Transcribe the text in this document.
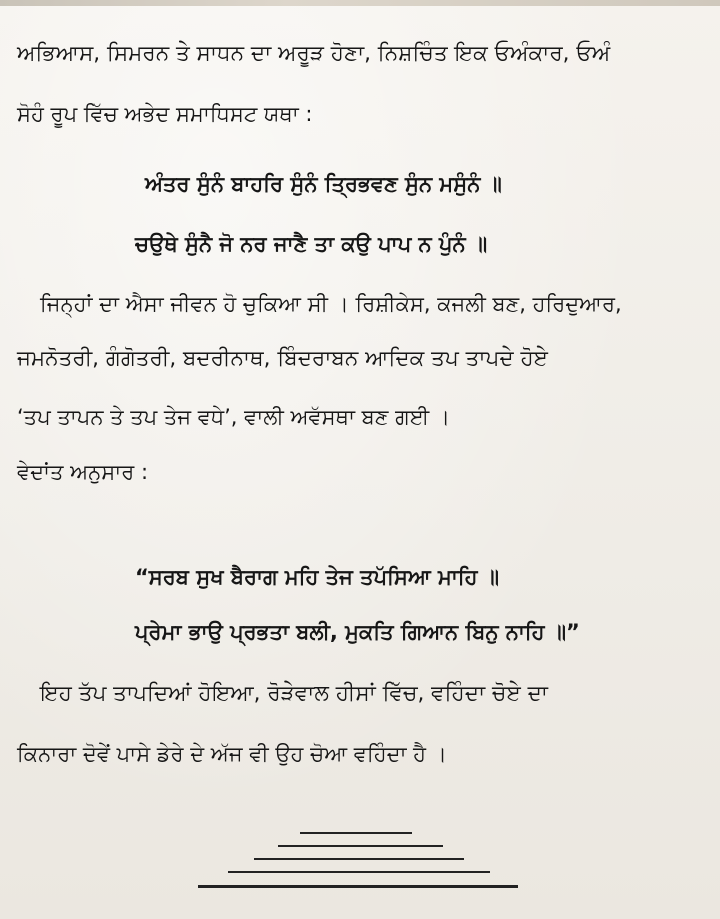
ਅਭਿਆਸ, ਸਿਮਰਨ ਤੇ ਸਾਧਨ ਦਾ ਅਰੂੜ ਹੋਣਾ, ਨਿਸ਼ਚਿੰਤ ਇਕ ਓਅੰਕਾਰ, ਓਅੰ
ਸੋਹੰ ਰੂਪ ਵਿੱਚ ਅਭੇਦ ਸਮਾਧਿਸਟ ਯਥਾ :
ਅੰਤਰ ਸੁੰਨੰ ਬਾਹਰਿ ਸੁੰਨੰ ਤ੍ਰਿਭਵਣ ਸੁੰਨ ਮਸੁੰਨੰ ॥
ਚਉਥੇ ਸੁੰਨੈ ਜੋ ਨਰ ਜਾਣੈ ਤਾ ਕਉ ਪਾਪ ਨ ਪੁੰਨੰ ॥
ਜਿਨ੍ਹਾਂ ਦਾ ਐਸਾ ਜੀਵਨ ਹੋ ਚੁਕਿਆ ਸੀ । ਰਿਸ਼ੀਕੇਸ, ਕਜਲੀ ਬਣ, ਹਰਿਦੁਆਰ,
ਜਮਨੋਤਰੀ, ਗੰਗੋਤਰੀ, ਬਦਰੀਨਾਥ, ਬਿੰਦਰਾਬਨ ਆਦਿਕ ਤਪ ਤਾਪਦੇ ਹੋਏ
‘ਤਪ ਤਾਪਨ ਤੇ ਤਪ ਤੇਜ ਵਧੇ’, ਵਾਲੀ ਅਵੱਸਥਾ ਬਣ ਗਈ ।
ਵੇਦਾਂਤ ਅਨੁਸਾਰ :
“ਸਰਬ ਸੁਖ ਬੈਰਾਗ ਮਹਿ ਤੇਜ ਤਪੱਸਿਆ ਮਾਹਿ ॥
ਪ੍ਰੇਮਾ ਭਾਉ ਪ੍ਰਭਤਾ ਬਲੀ, ਮੁਕਤਿ ਗਿਆਨ ਬਿਨੁ ਨਾਹਿ ॥”
ਇਹ ਤੱਪ ਤਾਪਦਿਆਂ ਹੋਇਆ, ਰੋੜੇਵਾਲ ਹੀਸਾਂ ਵਿੱਚ, ਵਹਿੰਦਾ ਚੋਏ ਦਾ
ਕਿਨਾਰਾ ਦੋਵੇਂ ਪਾਸੇ ਡੇਰੇ ਦੇ ਅੱਜ ਵੀ ਉਹ ਚੋਆ ਵਹਿੰਦਾ ਹੈ ।
